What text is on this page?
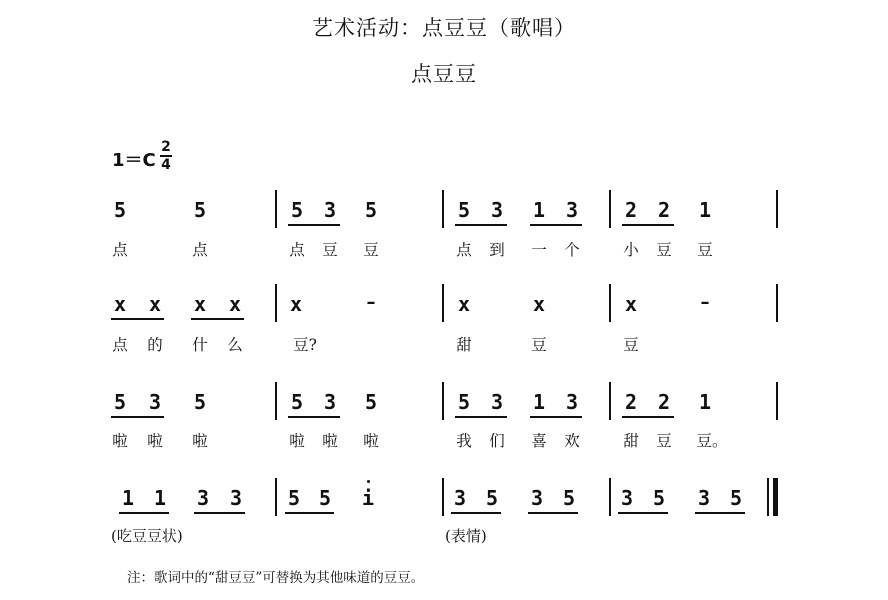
艺术活动：点豆豆（歌唱）
点豆豆
1＝C
2
4
5	5	5 3 5	5 3 1 3 2 2 1
点	点	点 豆 豆	点 到 一 个	小 豆 豆
x x x x x	–	x	x	x	–
点 的 什 么	豆?	甜	豆	豆
5 3 5	5 3 5	5 3 1 3 2 2 1
啦 啦 啦	啦 啦 啦	我 们 喜 欢	甜 豆 豆。
1 1 3 3 5 5 i	3 5 3 5 3 5 3 5
(吃豆豆状)	(表情)
注：歌词中的“甜豆豆”可替换为其他味道的豆豆。
